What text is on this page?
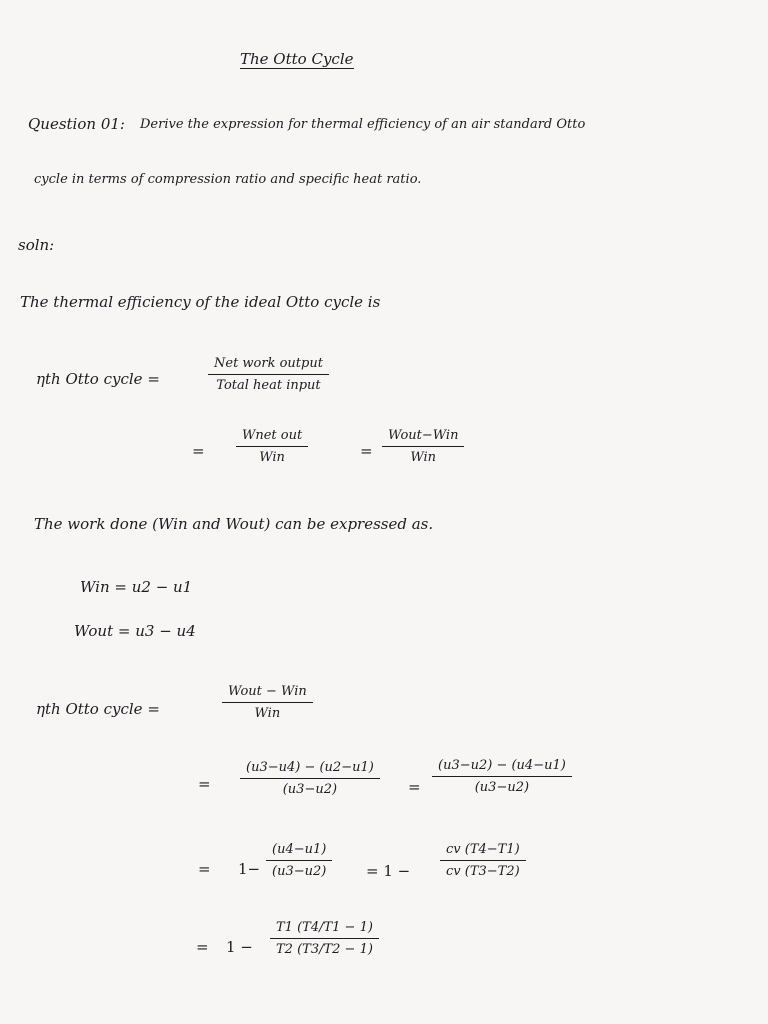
The Otto Cycle
Question 01: Derive the expression for thermal efficiency of an air standard Otto
cycle in terms of compression ratio and specific heat ratio.
soln:
The thermal efficiency of the ideal Otto cycle is
ηth Otto cycle =
Net work output
Total heat input
=
Wnet out
Win	=
Wout−Win
Win
The work done (Win and Wout) can be expressed as.
Win = u2 − u1
Wout = u3 − u4
ηth Otto cycle =
Wout − Win
Win
=
(u3−u4) − (u2−u1)
(u3−u2)	=
(u3−u2) − (u4−u1)
(u3−u2)
= 1−
(u4−u1)
(u3−u2)	= 1 −
cv (T4−T1)
cv (T3−T2)
= 1 −
T1 (T4/T1 − 1)
T2 (T3/T2 − 1)
